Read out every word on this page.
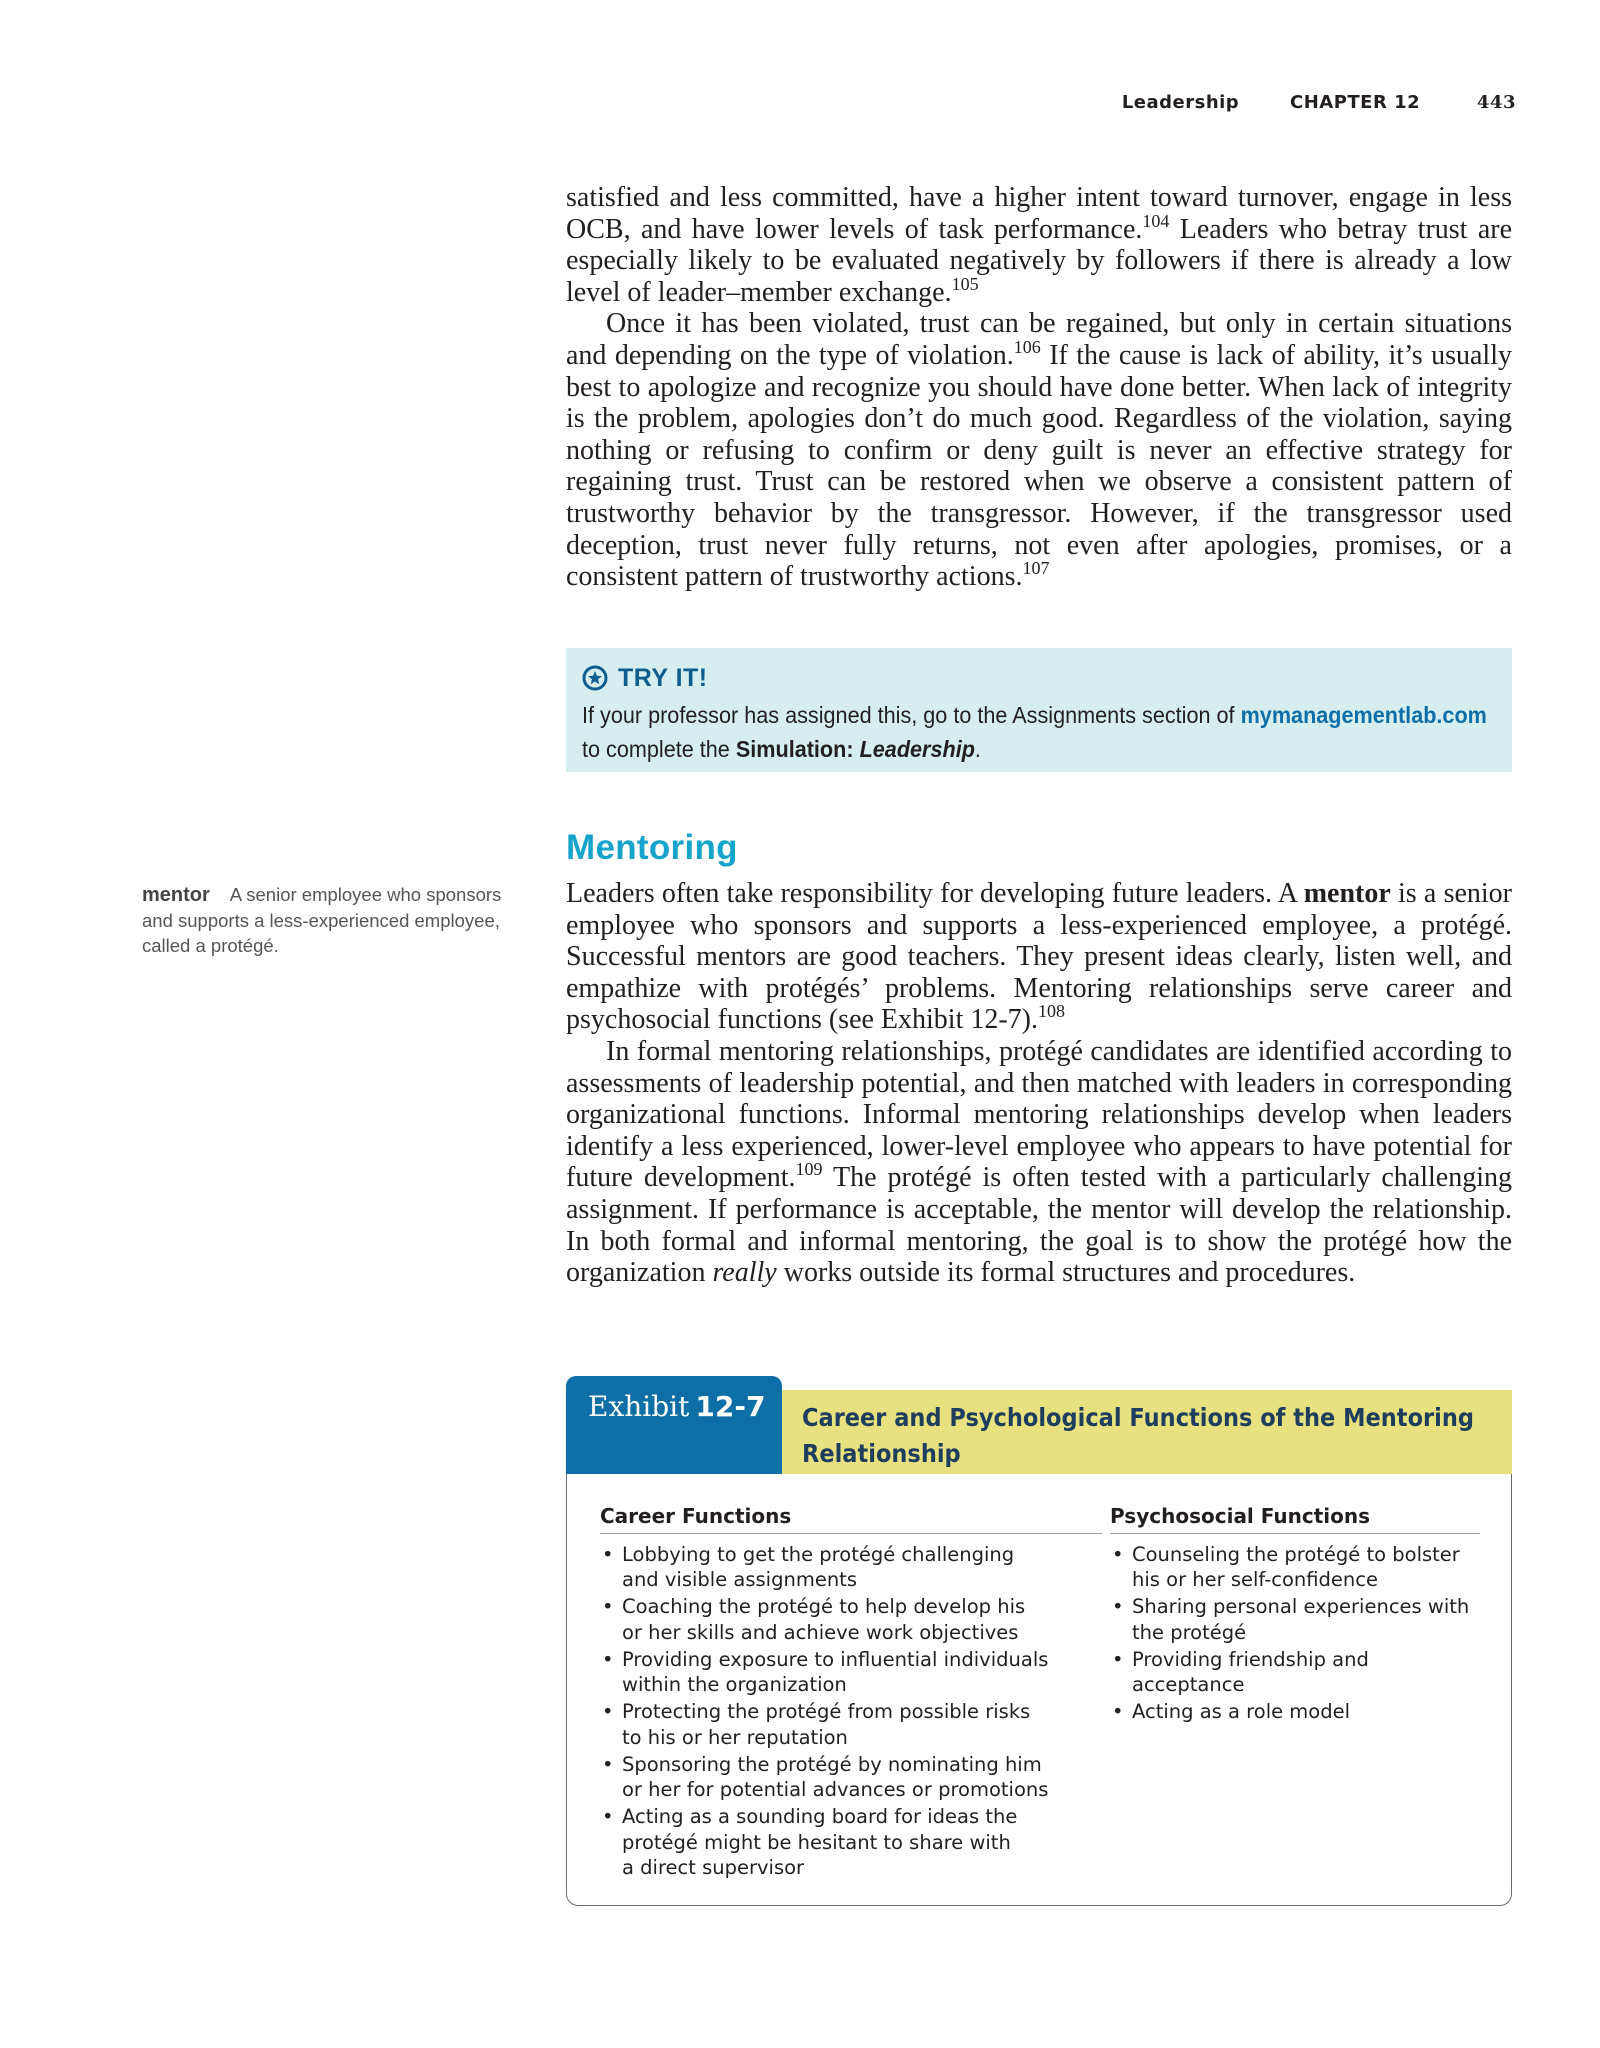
Leadership	CHAPTER 12	443

satisfied and less committed, have a higher intent toward turnover, engage in less OCB, and have lower levels of task performance.$^{104}$ Leaders who betray trust are especially likely to be evaluated negatively by followers if there is already a low level of leader–member exchange.$^{105}$

Once it has been violated, trust can be regained, but only in certain situations and depending on the type of violation.$^{106}$ If the cause is lack of ability, it’s usually best to apologize and recognize you should have done better. When lack of integrity is the problem, apologies don’t do much good. Regardless of the violation, saying nothing or refusing to confirm or deny guilt is never an effective strategy for regaining trust. Trust can be restored when we observe a consistent pattern of trustworthy behavior by the transgressor. However, if the transgressor used deception, trust never fully returns, not even after apologies, promises, or a consistent pattern of trustworthy actions.$^{107}$

TRY IT!
If your professor has assigned this, go to the Assignments section of mymanagementlab.com
to complete the Simulation: Leadership.
Mentoring
mentor A senior employee who sponsors and supports a less-experienced employee, called a protégé.

Leaders often take responsibility for developing future leaders. A mentor is a senior employee who sponsors and supports a less-experienced employee, a protégé. Successful mentors are good teachers. They present ideas clearly, listen well, and empathize with protégés’ problems. Mentoring relationships serve career and psychosocial functions (see Exhibit 12-7).$^{108}$

In formal mentoring relationships, protégé candidates are identified according to assessments of leadership potential, and then matched with leaders in corresponding organizational functions. Informal mentoring relationships develop when leaders identify a less experienced, lower-level employee who appears to have potential for future development.$^{109}$ The protégé is often tested with a particularly challenging assignment. If performance is acceptable, the mentor will develop the relationship. In both formal and informal mentoring, the goal is to show the protégé how the organization really works outside its formal structures and procedures.

Exhibit 12-7	Career and Psychological Functions of the Mentoring Relationship
Career Functions
• Lobbying to get the protégé challenging
and visible assignments
• Coaching the protégé to help develop his
or her skills and achieve work objectives
• Providing exposure to influential individuals
within the organization
• Protecting the protégé from possible risks
to his or her reputation
• Sponsoring the protégé by nominating him
or her for potential advances or promotions
• Acting as a sounding board for ideas the
protégé might be hesitant to share with
a direct supervisor
Psychosocial Functions
• Counseling the protégé to bolster
his or her self-confidence
• Sharing personal experiences with
the protégé
• Providing friendship and
acceptance
• Acting as a role model
